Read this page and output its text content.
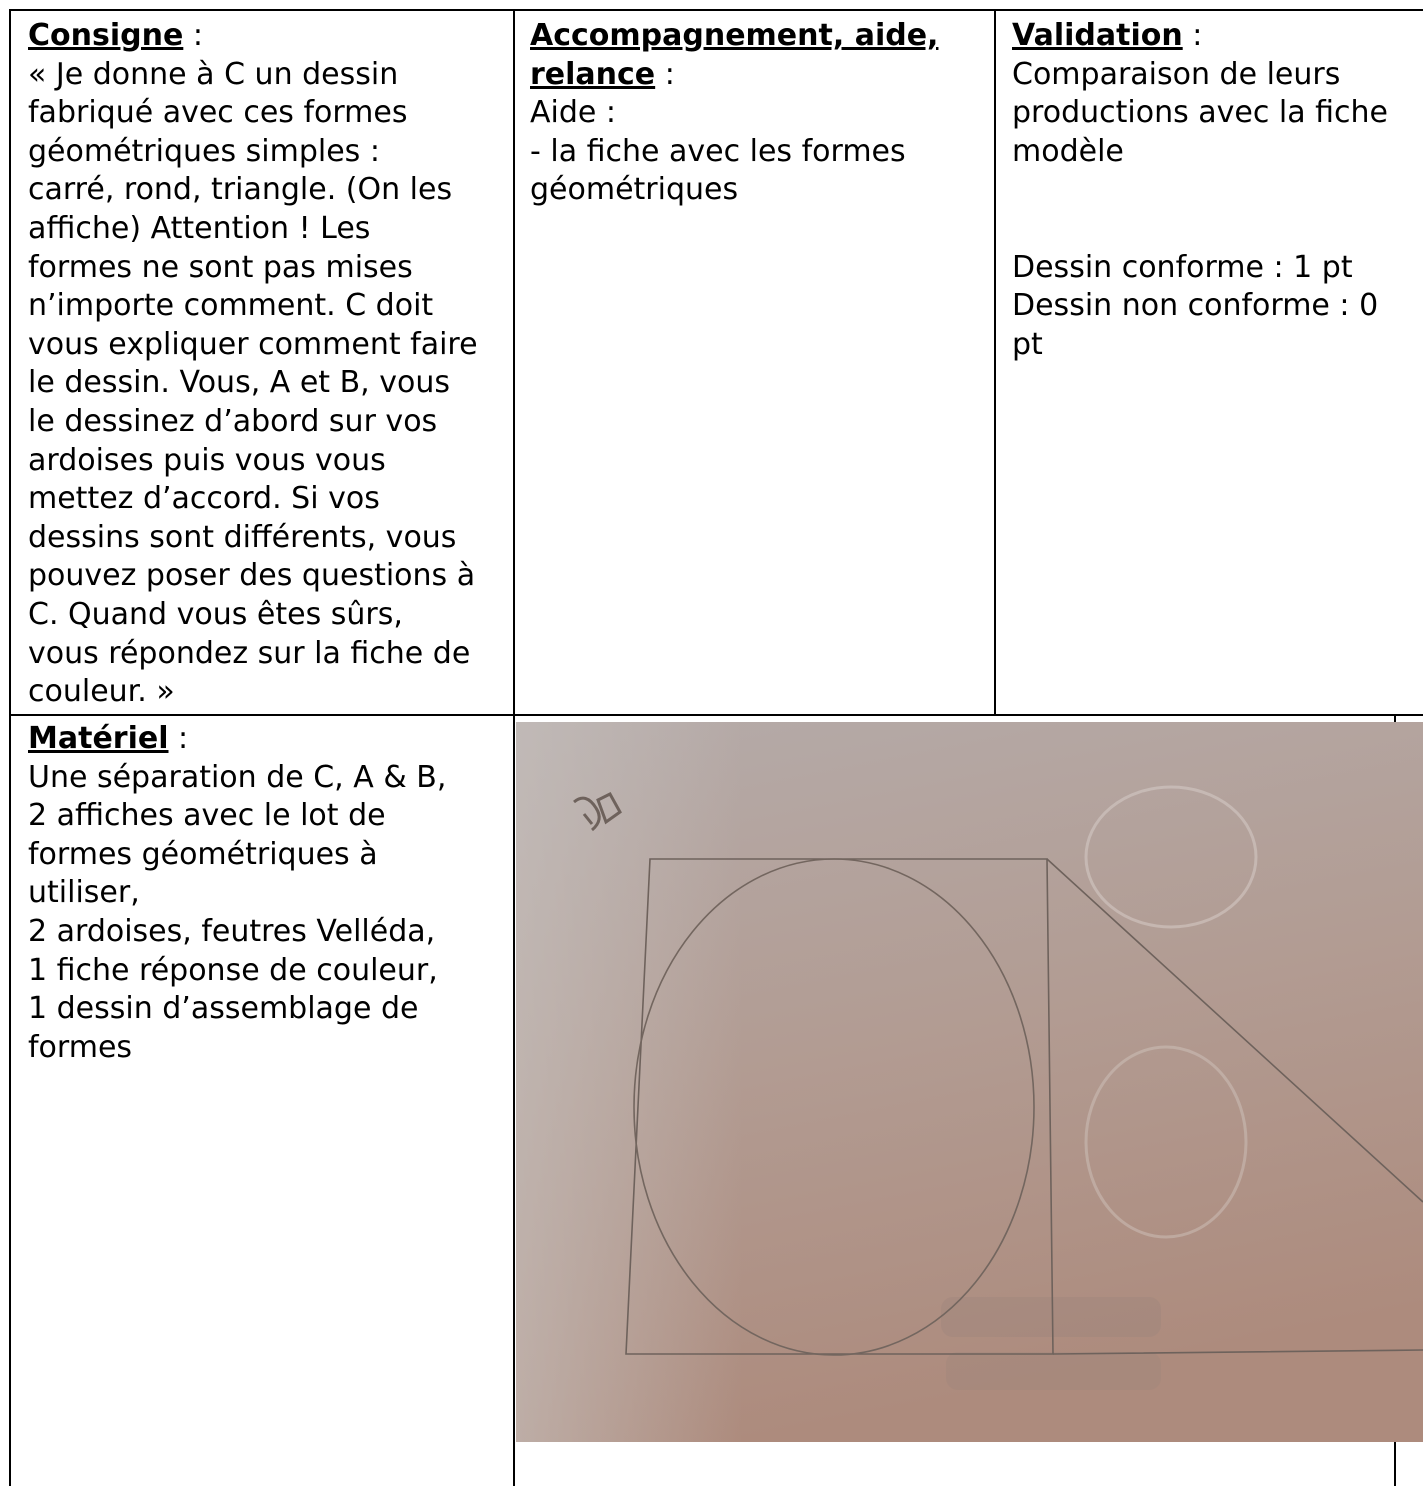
Consigne :

« Je donne à C un dessin

fabriqué avec ces formes

géométriques simples :

carré, rond, triangle. (On les

affiche) Attention ! Les

formes ne sont pas mises

n’importe comment. C doit

vous expliquer comment faire

le dessin. Vous, A et B, vous

le dessinez d’abord sur vos

ardoises puis vous vous

mettez d’accord. Si vos

dessins sont différents, vous

pouvez poser des questions à

C. Quand vous êtes sûrs,

vous répondez sur la fiche de

couleur. »

Accompagnement, aide,

relance :

Aide :

- la fiche avec les formes

géométriques

Validation :

Comparaison de leurs

productions avec la fiche

modèle

Dessin conforme : 1 pt

Dessin non conforme : 0

pt

Matériel :

Une séparation de C, A & B,

2 affiches avec le lot de

formes géométriques à

utiliser,

2 ardoises, feutres Velléda,

1 fiche réponse de couleur,

1 dessin d’assemblage de

formes
